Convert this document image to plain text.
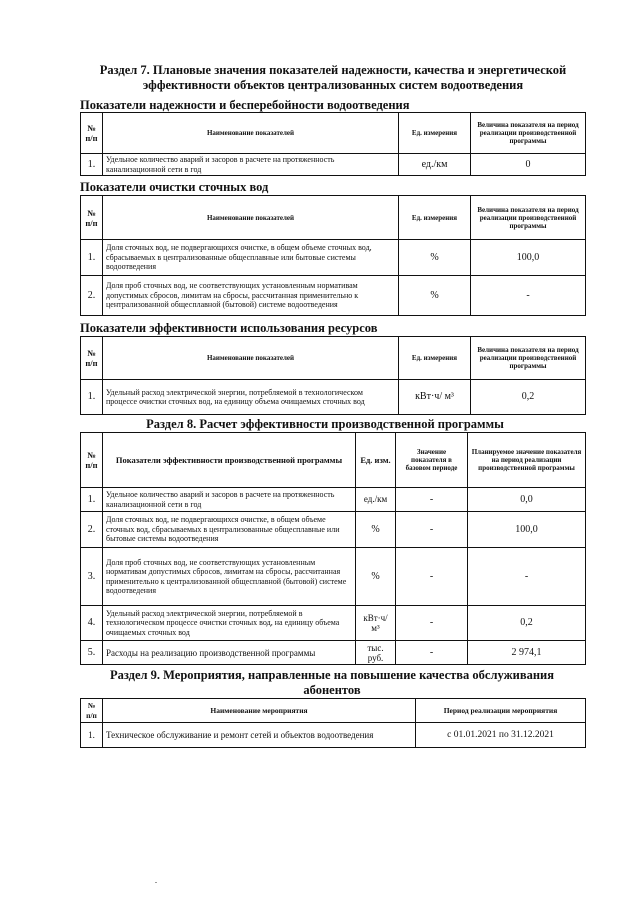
Раздел 7. Плановые значения показателей надежности, качества и энергетической эффективности объектов централизованных систем водоотведения
Показатели надежности и бесперебойности водоотведения
№
п/п	Наименование показателей	Ед. измерения	Величина показателя на период реализации производственной программы
1.	Удельное количество аварий и засоров в расчете на протяженность канализационной сети в год	ед./км	0
Показатели очистки сточных вод
№
п/п	Наименование показателей	Ед. измерения	Величина показателя на период реализации производственной программы
1.	Доля сточных вод, не подвергающихся очистке, в общем объеме сточных вод, сбрасываемых в централизованные общесплавные или бытовые системы водоотведения	%	100,0
2.	Доля проб сточных вод, не соответствующих установленным нормативам допустимых сбросов, лимитам на сбросы, рассчитанная применительно к централизованной общесплавной (бытовой) системе водоотведения	%	-
Показатели эффективности использования ресурсов
№
п/п	Наименование показателей	Ед. измерения	Величина показателя на период реализации производственной программы
1.	Удельный расход электрической энергии, потребляемой в технологическом процессе очистки сточных вод, на единицу объема очищаемых сточных вод	кВт·ч/ м³	0,2
Раздел 8. Расчет эффективности производственной программы
№
п/п	Показатели эффективности производственной программы	Ед. изм.	Значение показателя в базовом периоде	Планируемое значение показателя на период реализации производственной программы
1.	Удельное количество аварий и засоров в расчете на протяженность канализационной сети в год	ед./км	-	0,0
2.	Доля сточных вод, не подвергающихся очистке, в общем объеме сточных вод, сбрасываемых в централизованные общесплавные или бытовые системы водоотведения	%	-	100,0
3.	Доля проб сточных вод, не соответствующих установленным нормативам допустимых сбросов, лимитам на сбросы, рассчитанная применительно к централизованной общесплавной (бытовой) системе водоотведения	%	-	-
4.	Удельный расход электрической энергии, потребляемой в технологическом процессе очистки сточных вод, на единицу объема очищаемых сточных вод	кВт·ч/ м³	-	0,2
5.	Расходы на реализацию производственной программы	тыс. руб.	-	2 974,1
Раздел 9. Мероприятия, направленные на повышение качества обслуживания абонентов
№
п/п	Наименование мероприятия	Период реализации мероприятия
1.	Техническое обслуживание и ремонт сетей и объектов водоотведения	с 01.01.2021 по 31.12.2021
